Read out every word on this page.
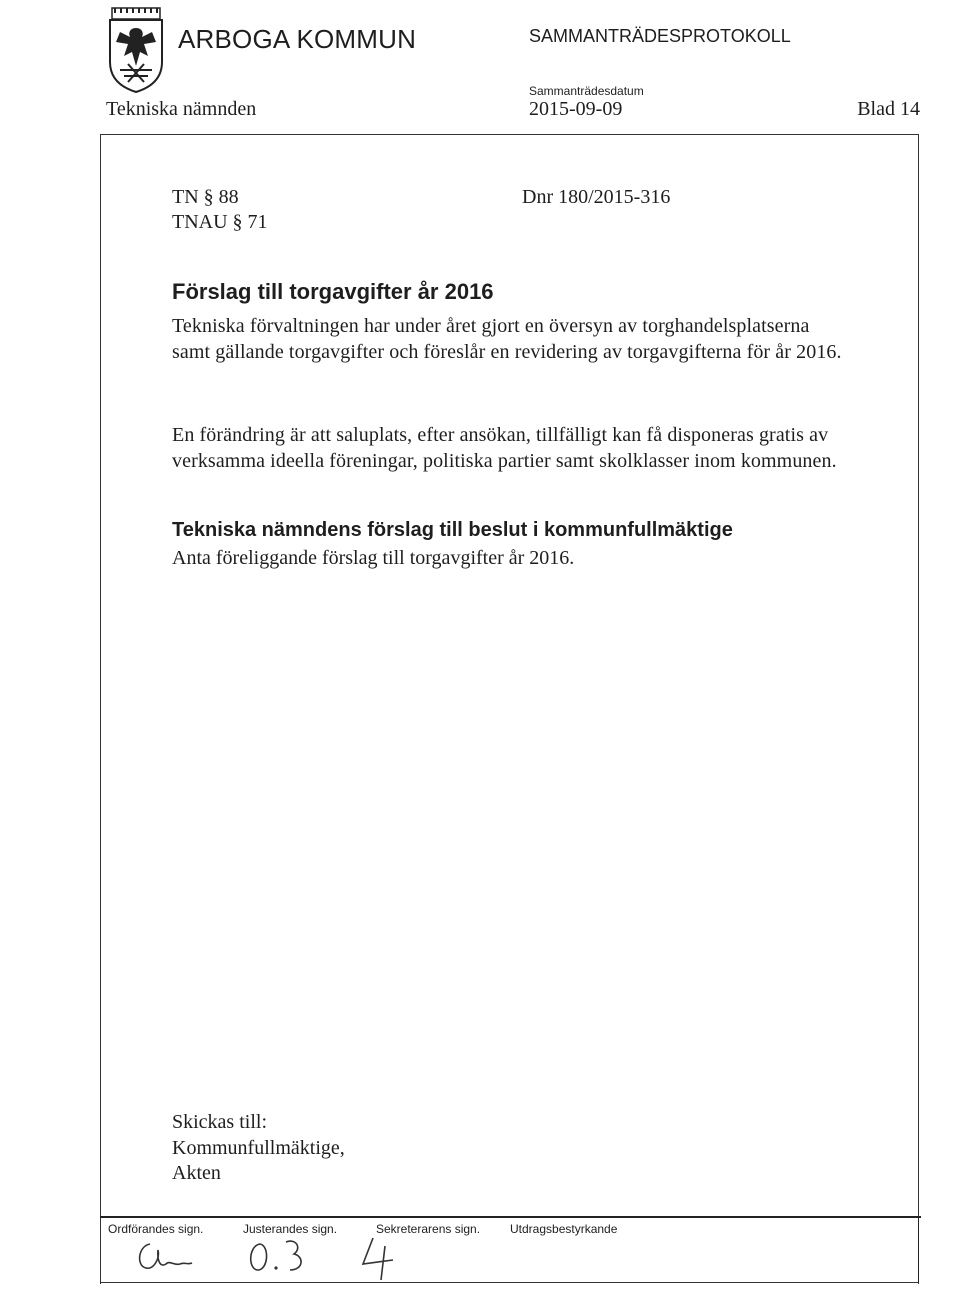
ARBOGA KOMMUN	SAMMANTRÄDESPROTOKOLL
Sammanträdesdatum
Tekniska nämnden	2015-09-09	Blad 14
TN § 88
TNAU § 71
Dnr 180/2015-316
Förslag till torgavgifter år 2016
Tekniska förvaltningen har under året gjort en översyn av torghandelsplatserna samt gällande torgavgifter och föreslår en revidering av torgavgifterna för år 2016.
En förändring är att saluplats, efter ansökan, tillfälligt kan få disponeras gratis av verksamma ideella föreningar, politiska partier samt skolklasser inom kommunen.
Tekniska nämndens förslag till beslut i kommunfullmäktige
Anta föreliggande förslag till torgavgifter år 2016.
Skickas till:
Kommunfullmäktige,
Akten
Ordförandes sign.	Justerandes sign.	Sekreterarens sign. Utdragsbestyrkande
